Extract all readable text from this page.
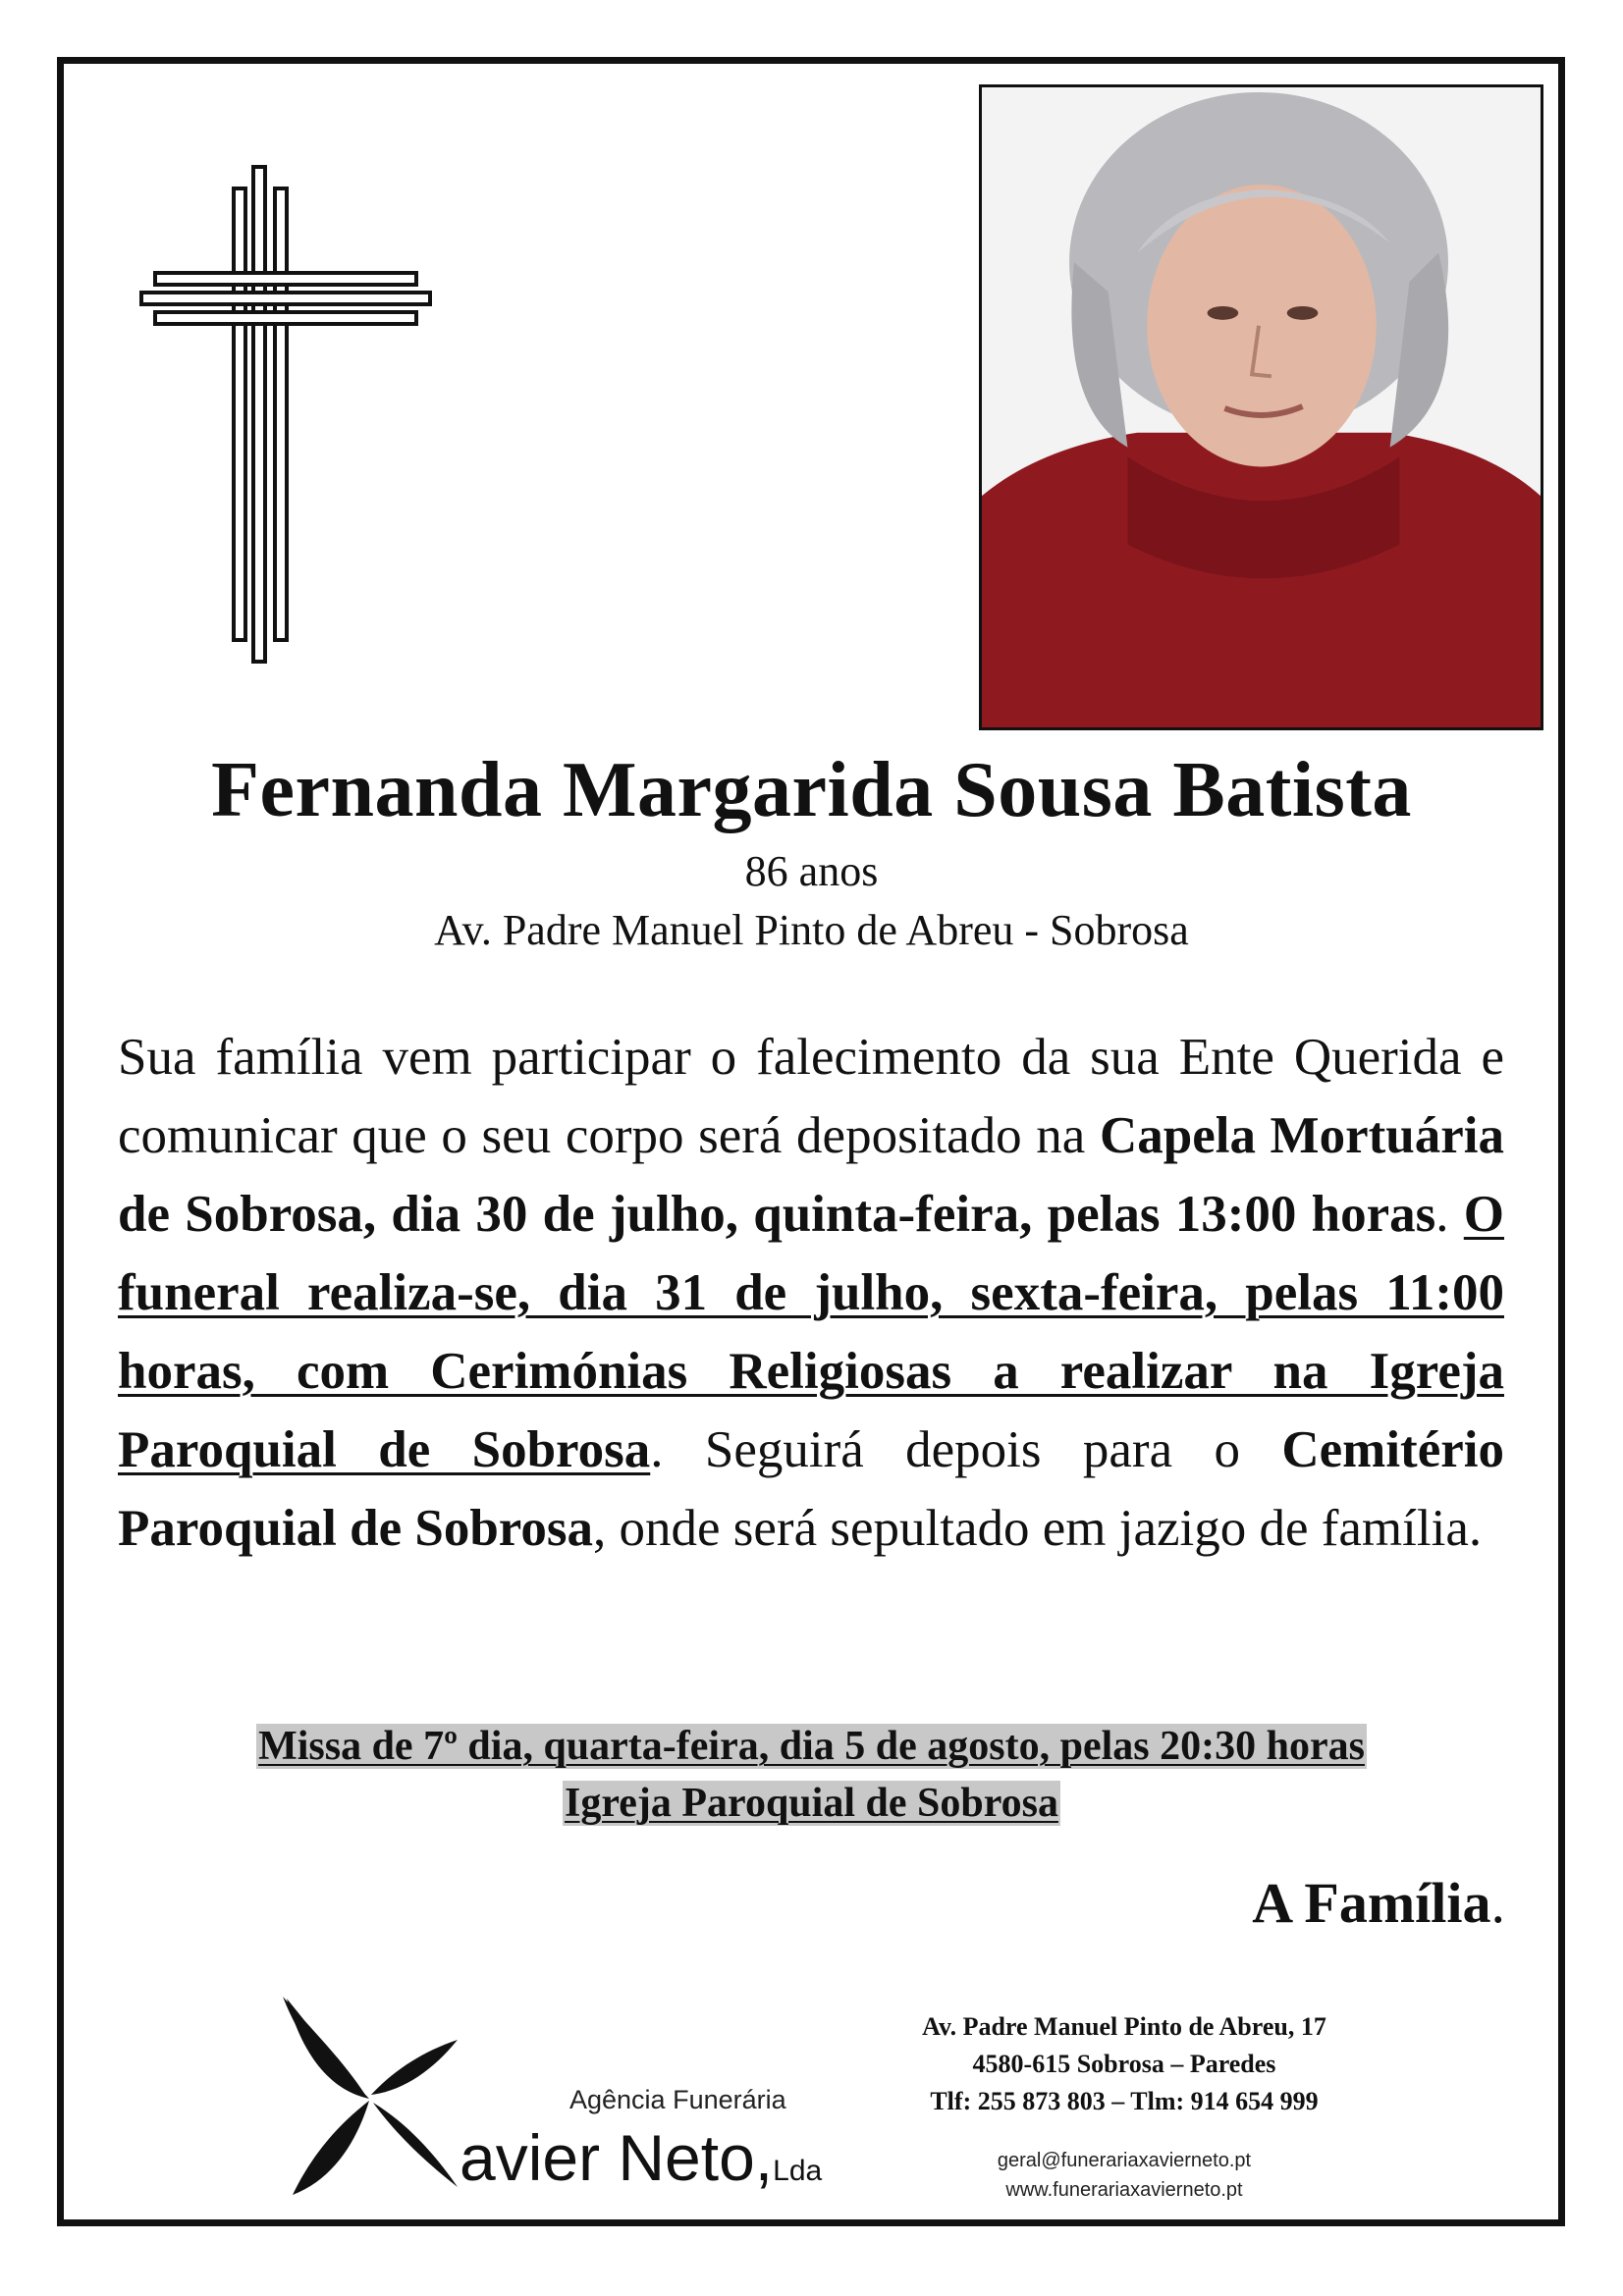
Fernanda Margarida Sousa Batista
86 anos
Av. Padre Manuel Pinto de Abreu - Sobrosa
Sua família vem participar o falecimento da sua Ente Querida e comunicar que o seu corpo será depositado na Capela Mortuária de Sobrosa, dia 30 de julho, quinta-feira, pelas 13:00 horas. O funeral realiza-se, dia 31 de julho, sexta-feira, pelas 11:00 horas, com Cerimónias Religiosas a realizar na Igreja Paroquial de Sobrosa. Seguirá depois para o Cemitério Paroquial de Sobrosa, onde será sepultado em jazigo de família.
Missa de 7º dia, quarta-feira, dia 5 de agosto, pelas 20:30 horas
Igreja Paroquial de Sobrosa
A Família.
Agência Funerária
avier Neto,Lda
Av. Padre Manuel Pinto de Abreu, 17
4580-615 Sobrosa – Paredes
Tlf: 255 873 803 – Tlm: 914 654 999
geral@funerariaxavierneto.pt
www.funerariaxavierneto.pt
